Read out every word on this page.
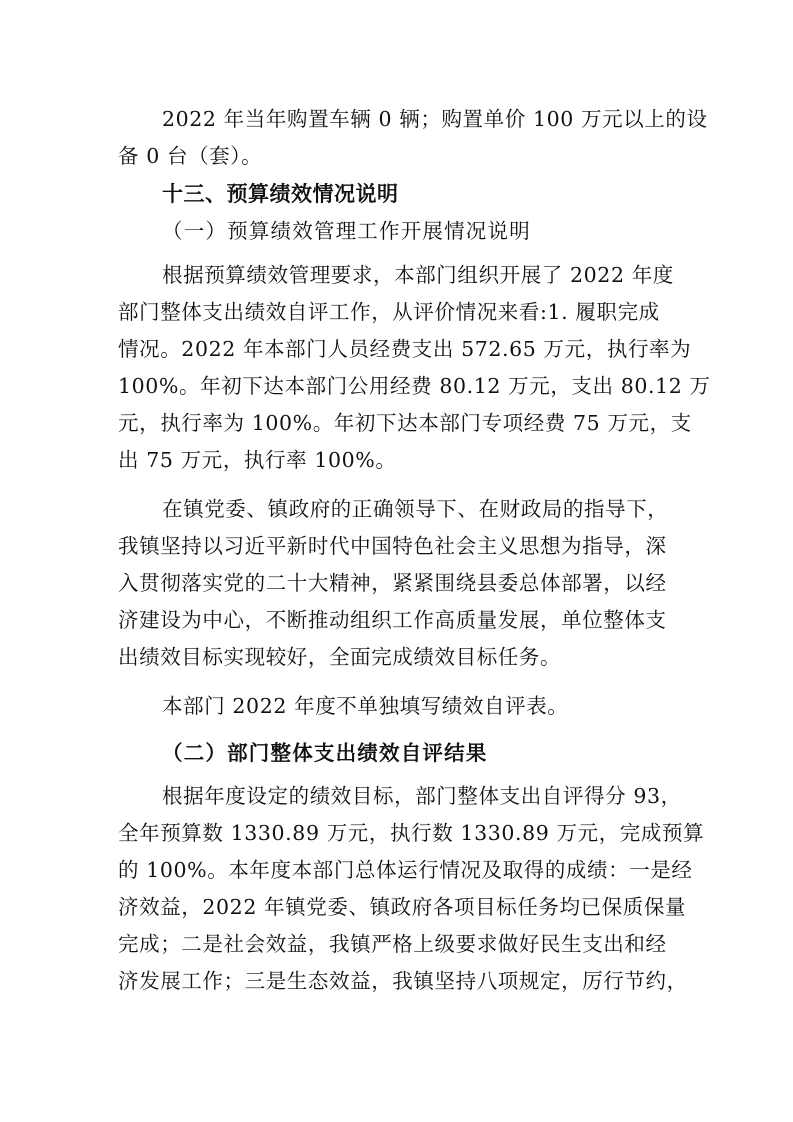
2022 年当年购置车辆 0 辆；购置单价 100 万元以上的设
备 0 台（套）。
十三、预算绩效情况说明
（一）预算绩效管理工作开展情况说明
根据预算绩效管理要求，本部门组织开展了 2022 年度
部门整体支出绩效自评工作，从评价情况来看:1. 履职完成
情况。2022 年本部门人员经费支出 572.65 万元，执行率为
100%。年初下达本部门公用经费 80.12 万元，支出 80.12 万
元，执行率为 100%。年初下达本部门专项经费 75 万元，支
出 75 万元，执行率 100%。
在镇党委、镇政府的正确领导下、在财政局的指导下，
我镇坚持以习近平新时代中国特色社会主义思想为指导，深
入贯彻落实党的二十大精神，紧紧围绕县委总体部署，以经
济建设为中心，不断推动组织工作高质量发展，单位整体支
出绩效目标实现较好，全面完成绩效目标任务。
本部门 2022 年度不单独填写绩效自评表。
（二）部门整体支出绩效自评结果
根据年度设定的绩效目标，部门整体支出自评得分 93，
全年预算数 1330.89 万元，执行数 1330.89 万元，完成预算
的 100%。本年度本部门总体运行情况及取得的成绩：一是经
济效益，2022 年镇党委、镇政府各项目标任务均已保质保量
完成；二是社会效益，我镇严格上级要求做好民生支出和经
济发展工作；三是生态效益，我镇坚持八项规定，厉行节约，
